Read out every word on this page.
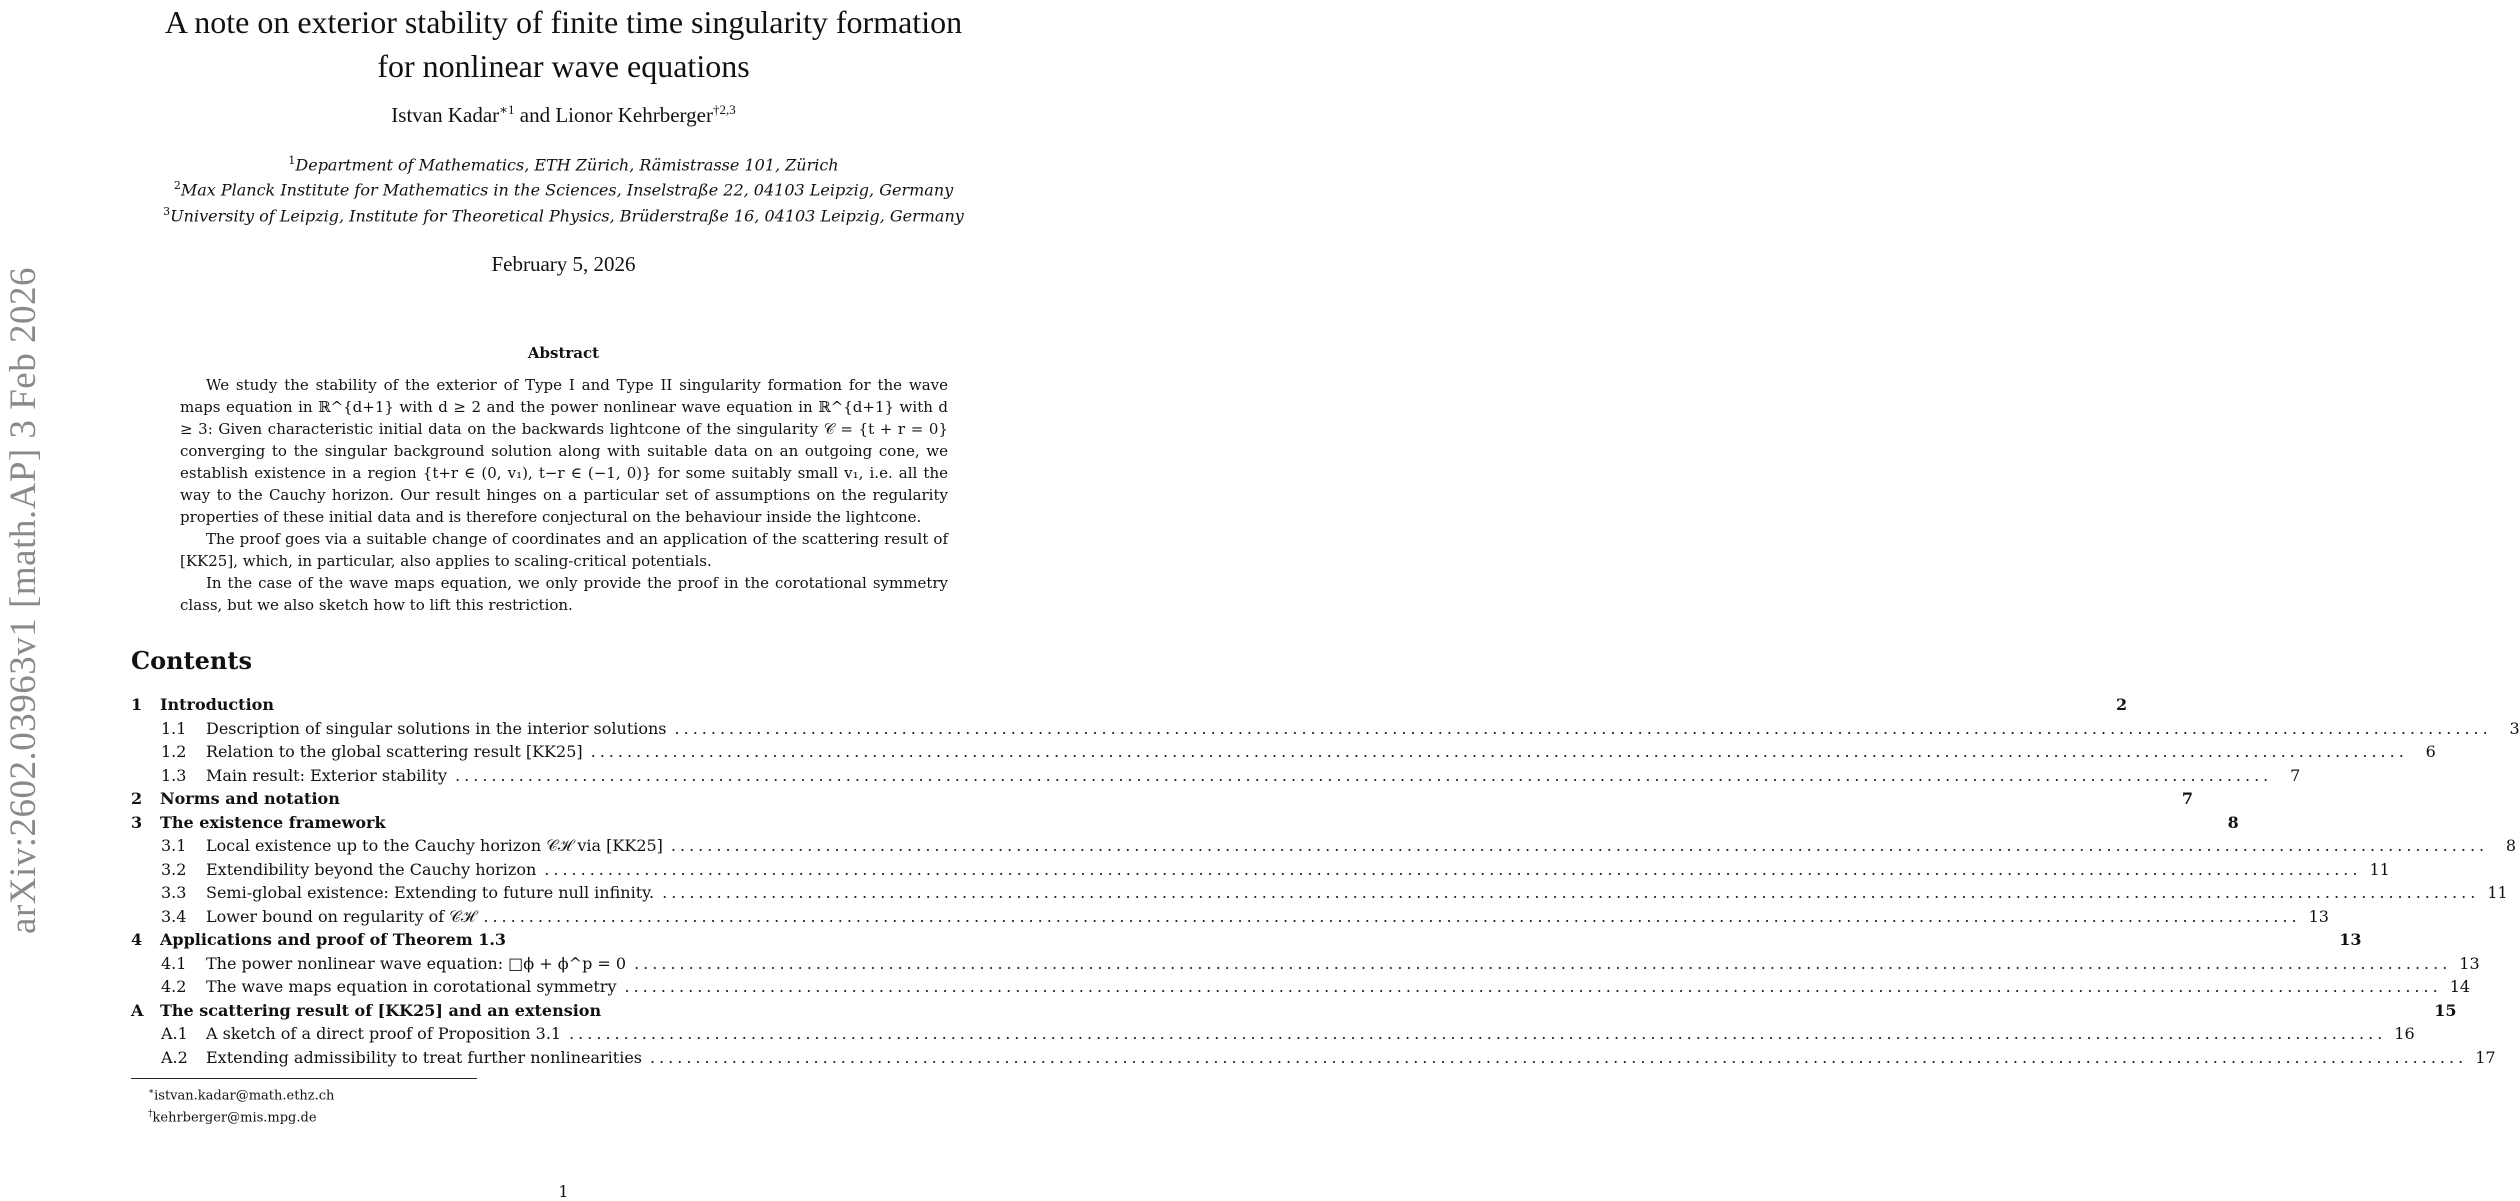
arXiv:2602.03963v1 [math.AP] 3 Feb 2026
A note on exterior stability of finite time singularity formation
for nonlinear wave equations
Istvan Kadar$^{∗1}$ and Lionor Kehrberger$^{\dagger 2,3}$
$^1$Department of Mathematics, ETH Zürich, Rämistrasse 101, Zürich
$^2$Max Planck Institute for Mathematics in the Sciences, Inselstraße 22, 04103 Leipzig, Germany
$^3$University of Leipzig, Institute for Theoretical Physics, Brüderstraße 16, 04103 Leipzig, Germany
February 5, 2026
Abstract

We study the stability of the exterior of Type I and Type II singularity formation for the wave maps equation in ℝ^{d+1} with d ≥ 2 and the power nonlinear wave equation in ℝ^{d+1} with d ≥ 3: Given characteristic initial data on the backwards lightcone of the singularity 𝒞 = {t + r = 0} converging to the singular background solution along with suitable data on an outgoing cone, we establish existence in a region {t+r ∈ (0, v₁), t−r ∈ (−1, 0)} for some suitably small v₁, i.e. all the way to the Cauchy horizon. Our result hinges on a particular set of assumptions on the regularity properties of these initial data and is therefore conjectural on the behaviour inside the lightcone.

The proof goes via a suitable change of coordinates and an application of the scattering result of [KK25], which, in particular, also applies to scaling-critical potentials.

In the case of the wave maps equation, we only provide the proof in the corotational symmetry class, but we also sketch how to lift this restriction.

Contents
1	Introduction	2
1.1	Description of singular solutions in the interior solutions ........................................................................................................................................................................................................	3
1.2	Relation to the global scattering result [KK25] ........................................................................................................................................................................................................	6
1.3	Main result: Exterior stability ........................................................................................................................................................................................................	7
2	Norms and notation	7
3	The existence framework	8
3.1	Local existence up to the Cauchy horizon 𝒞ℋ via [KK25] ........................................................................................................................................................................................................	8
3.2	Extendibility beyond the Cauchy horizon ........................................................................................................................................................................................................ 11
3.3	Semi-global existence: Extending to future null infinity. ........................................................................................................................................................................................................ 11
3.4	Lower bound on regularity of 𝒞ℋ ........................................................................................................................................................................................................ 13
4	Applications and proof of Theorem 1.3	13
4.1	The power nonlinear wave equation: □ϕ + ϕ^p = 0 ........................................................................................................................................................................................................ 13
4.2	The wave maps equation in corotational symmetry ........................................................................................................................................................................................................ 14
A	The scattering result of [KK25] and an extension	15
A.1	A sketch of a direct proof of Proposition 3.1 ........................................................................................................................................................................................................ 16
A.2	Extending admissibility to treat further nonlinearities ........................................................................................................................................................................................................ 17
∗istvan.kadar@math.ethz.ch
†kehrberger@mis.mpg.de
1
